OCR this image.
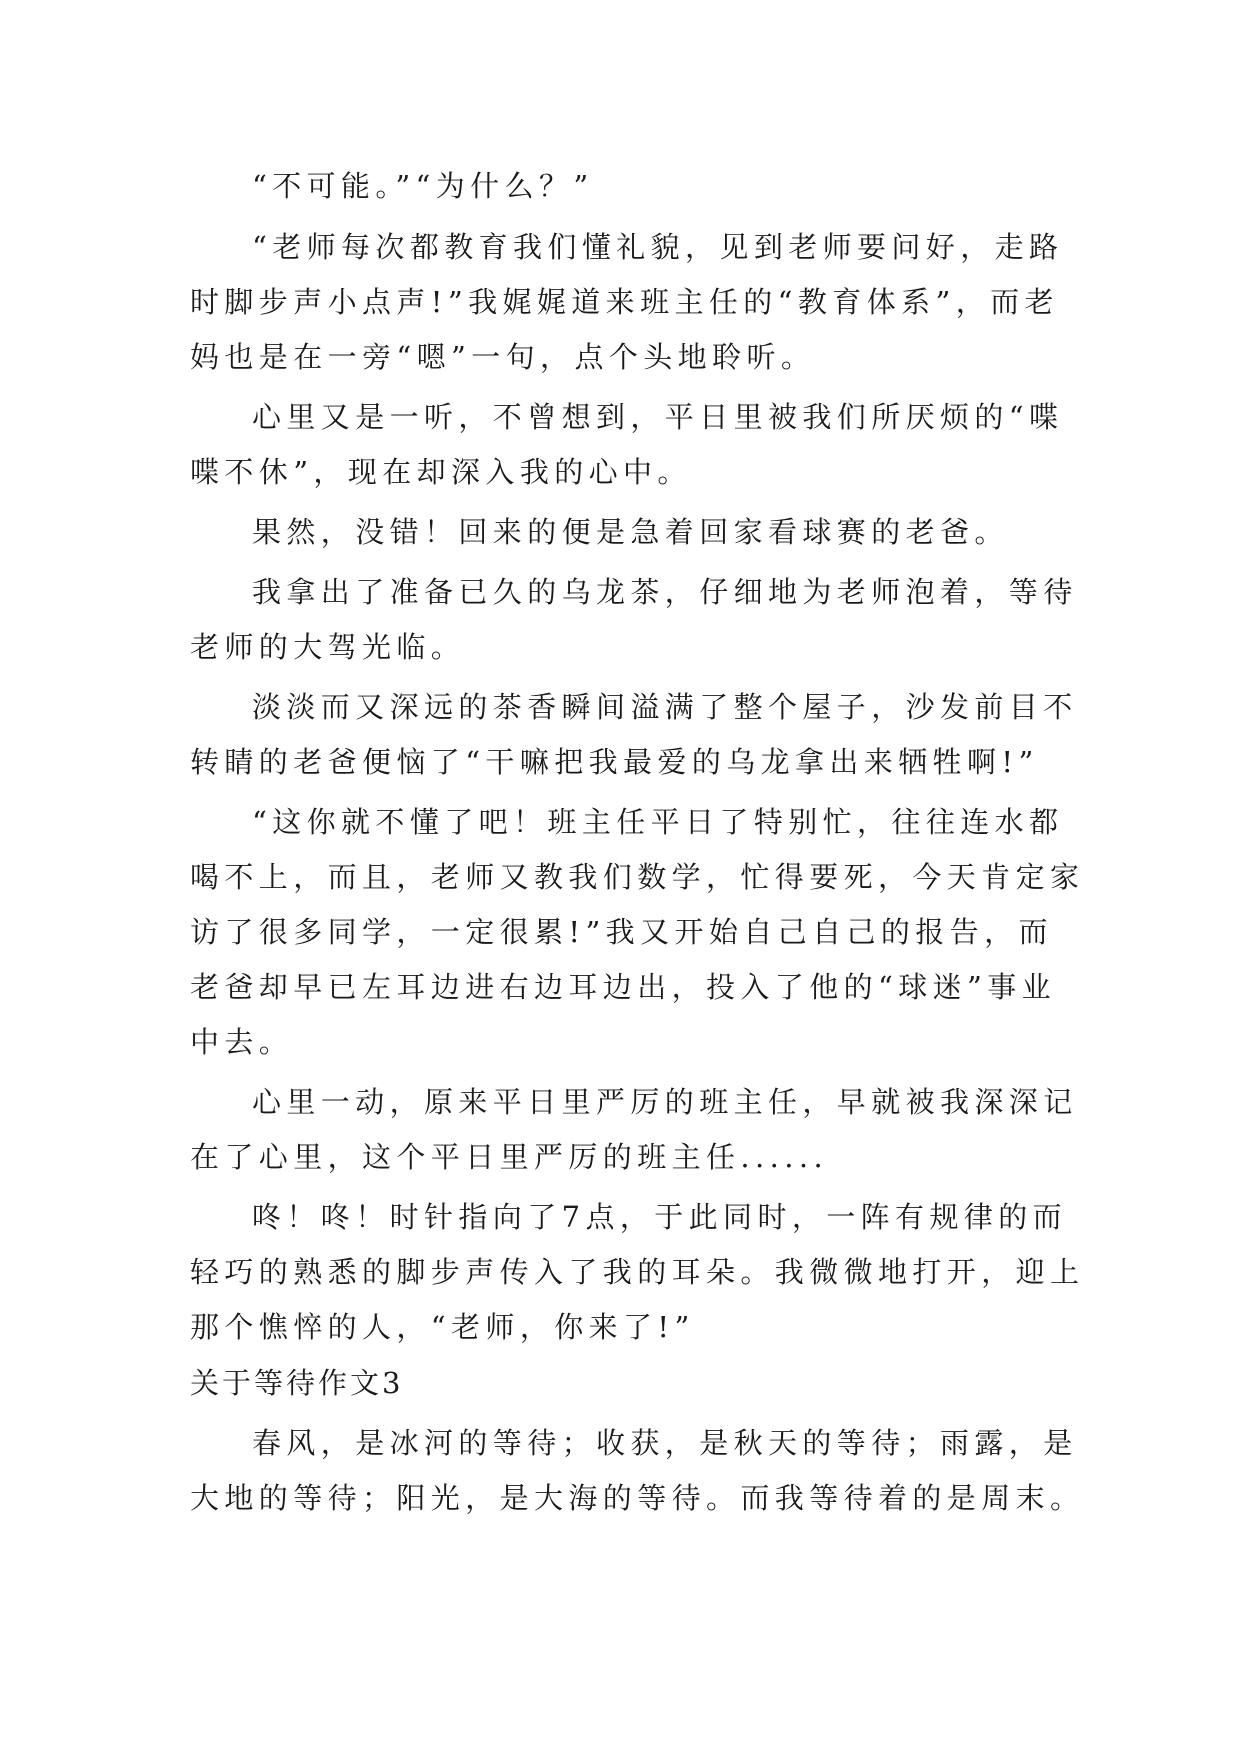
“不可能。”“为什么？”
“老师每次都教育我们懂礼貌，见到老师要问好，走路
时脚步声小点声!”我娓娓道来班主任的“教育体系”，而老
妈也是在一旁“嗯”一句，点个头地聆听。
心里又是一听，不曾想到，平日里被我们所厌烦的“喋
喋不休”，现在却深入我的心中。
果然，没错！回来的便是急着回家看球赛的老爸。
我拿出了准备已久的乌龙茶，仔细地为老师泡着，等待
老师的大驾光临。
淡淡而又深远的茶香瞬间溢满了整个屋子，沙发前目不
转睛的老爸便恼了“干嘛把我最爱的乌龙拿出来牺牲啊!”
“这你就不懂了吧！班主任平日了特别忙，往往连水都
喝不上，而且，老师又教我们数学，忙得要死，今天肯定家
访了很多同学，一定很累!”我又开始自己自己的报告，而
老爸却早已左耳边进右边耳边出，投入了他的“球迷”事业
中去。
心里一动，原来平日里严厉的班主任，早就被我深深记
在了心里，这个平日里严厉的班主任......
咚！咚！时针指向了7点，于此同时，一阵有规律的而
轻巧的熟悉的脚步声传入了我的耳朵。我微微地打开，迎上
那个憔悴的人，“老师，你来了!”
关于等待作文3
春风，是冰河的等待；收获，是秋天的等待；雨露，是
大地的等待；阳光，是大海的等待。而我等待着的是周末。
